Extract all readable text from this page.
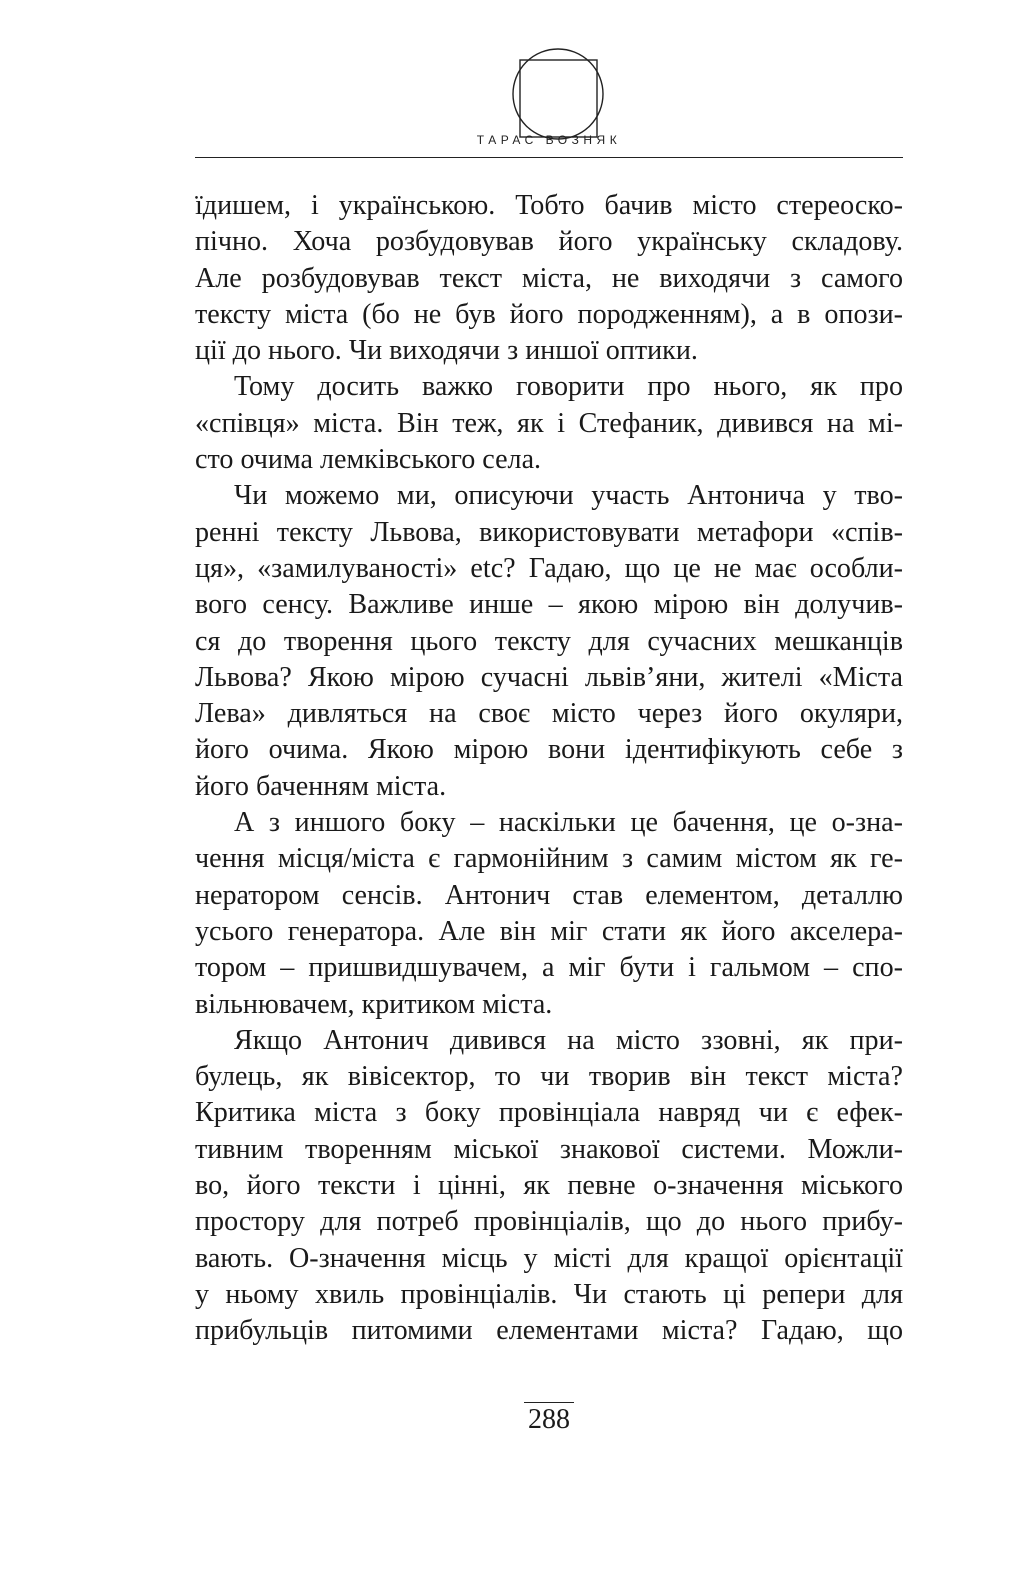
ТАРАС ВОЗНЯК
їдишем, і українською. Тобто бачив місто стереоско-
пічно. Хоча розбудовував його українську складову.
Але розбудовував текст міста, не виходячи з самого
тексту міста (бо не був його породженням), а в опози-
ції до нього. Чи виходячи з иншої оптики.
Тому досить важко говорити про нього, як про
«співця» міста. Він теж, як і Стефаник, дивився на мі-
сто очима лемківського села.
Чи можемо ми, описуючи участь Антонича у тво-
ренні тексту Львова, використовувати метафори «спів-
ця», «замилуваності» etc? Гадаю, що це не має особли-
вого сенсу. Важливе инше – якою мірою він долучив-
ся до творення цього тексту для сучасних мешканців
Львова? Якою мірою сучасні львів’яни, жителі «Міста
Лева» дивляться на своє місто через його окуляри,
його очима. Якою мірою вони ідентифікують себе з
його баченням міста.
А з иншого боку – наскільки це бачення, це о-зна-
чення місця/міста є гармонійним з самим містом як ге-
нератором сенсів. Антонич став елементом, деталлю
усього генератора. Але він міг стати як його акселера-
тором – пришвидшувачем, а міг бути і гальмом – спо-
вільнювачем, критиком міста.
Якщо Антонич дивився на місто ззовні, як при-
булець, як вівісектор, то чи творив він текст міста?
Критика міста з боку провінціала навряд чи є ефек-
тивним творенням міської знакової системи. Можли-
во, його тексти і цінні, як певне о-значення міського
простору для потреб провінціалів, що до нього прибу-
вають. О-значення місць у місті для кращої орієнтації
у ньому хвиль провінціалів. Чи стають ці репери для
прибульців питомими елементами міста? Гадаю, що
288
